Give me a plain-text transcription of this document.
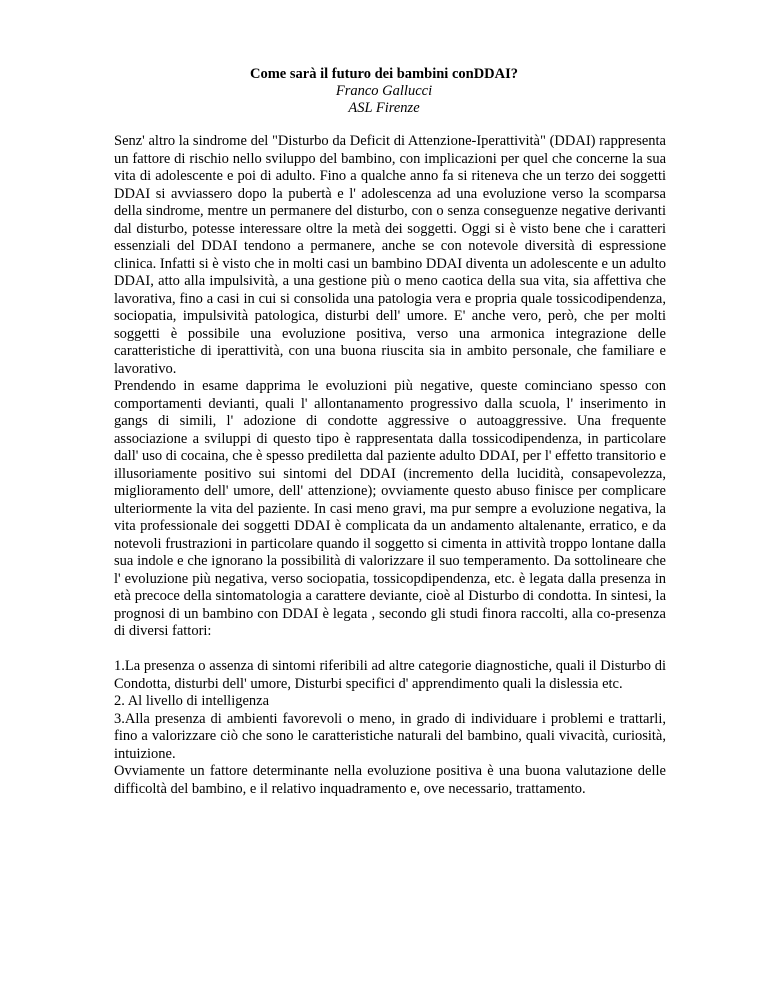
Come sarà il futuro dei bambini conDDAI?
Franco Gallucci
ASL Firenze

Senz' altro la sindrome del "Disturbo da Deficit di Attenzione-Iperattività" (DDAI) rappresenta un fattore di rischio nello sviluppo del bambino, con implicazioni per quel che concerne la sua vita di adolescente e poi di adulto. Fino a qualche anno fa si riteneva che un terzo dei soggetti DDAI si avviassero dopo la pubertà e l' adolescenza ad una evoluzione verso la scomparsa della sindrome, mentre un permanere del disturbo, con o senza conseguenze negative derivanti dal disturbo, potesse interessare oltre la metà dei soggetti. Oggi si è visto bene che i caratteri essenziali del DDAI tendono a permanere, anche se con notevole diversità di espressione clinica. Infatti si è visto che in molti casi un bambino DDAI diventa un adolescente e un adulto DDAI, atto alla impulsività, a una gestione più o meno caotica della sua vita, sia affettiva che lavorativa, fino a casi in cui si consolida una patologia vera e propria quale tossicodipendenza, sociopatia, impulsività patologica, disturbi dell' umore. E' anche vero, però, che per molti soggetti è possibile una evoluzione positiva, verso una armonica integrazione delle caratteristiche di iperattività, con una buona riuscita sia in ambito personale, che familiare e lavorativo.

Prendendo in esame dapprima le evoluzioni più negative, queste cominciano spesso con comportamenti devianti, quali l' allontanamento progressivo dalla scuola, l' inserimento in gangs di simili, l' adozione di condotte aggressive o autoaggressive. Una frequente associazione a sviluppi di questo tipo è rappresentata dalla tossicodipendenza, in particolare dall' uso di cocaina, che è spesso prediletta dal paziente adulto DDAI, per l' effetto transitorio e illusoriamente positivo sui sintomi del DDAI (incremento della lucidità, consapevolezza, miglioramento dell' umore, dell' attenzione); ovviamente questo abuso finisce per complicare ulteriormente la vita del paziente. In casi meno gravi, ma pur sempre a evoluzione negativa, la vita professionale dei soggetti DDAI è complicata da un andamento altalenante, erratico, e da notevoli frustrazioni in particolare quando il soggetto si cimenta in attività troppo lontane dalla sua indole e che ignorano la possibilità di valorizzare il suo temperamento. Da sottolineare che l' evoluzione più negativa, verso sociopatia, tossicopdipendenza, etc. è legata dalla presenza in età precoce della sintomatologia a carattere deviante, cioè al Disturbo di condotta. In sintesi, la prognosi di un bambino con DDAI è legata , secondo gli studi finora raccolti, alla co-presenza di diversi fattori:

1.La presenza o assenza di sintomi riferibili ad altre categorie diagnostiche, quali il Disturbo di Condotta, disturbi dell' umore, Disturbi specifici d' apprendimento quali la dislessia etc.

2. Al livello di intelligenza

3.Alla presenza di ambienti favorevoli o meno, in grado di individuare i problemi e trattarli, fino a valorizzare ciò che sono le caratteristiche naturali del bambino, quali vivacità, curiosità, intuizione.

Ovviamente un fattore determinante nella evoluzione positiva è una buona valutazione delle difficoltà del bambino, e il relativo inquadramento e, ove necessario, trattamento.
